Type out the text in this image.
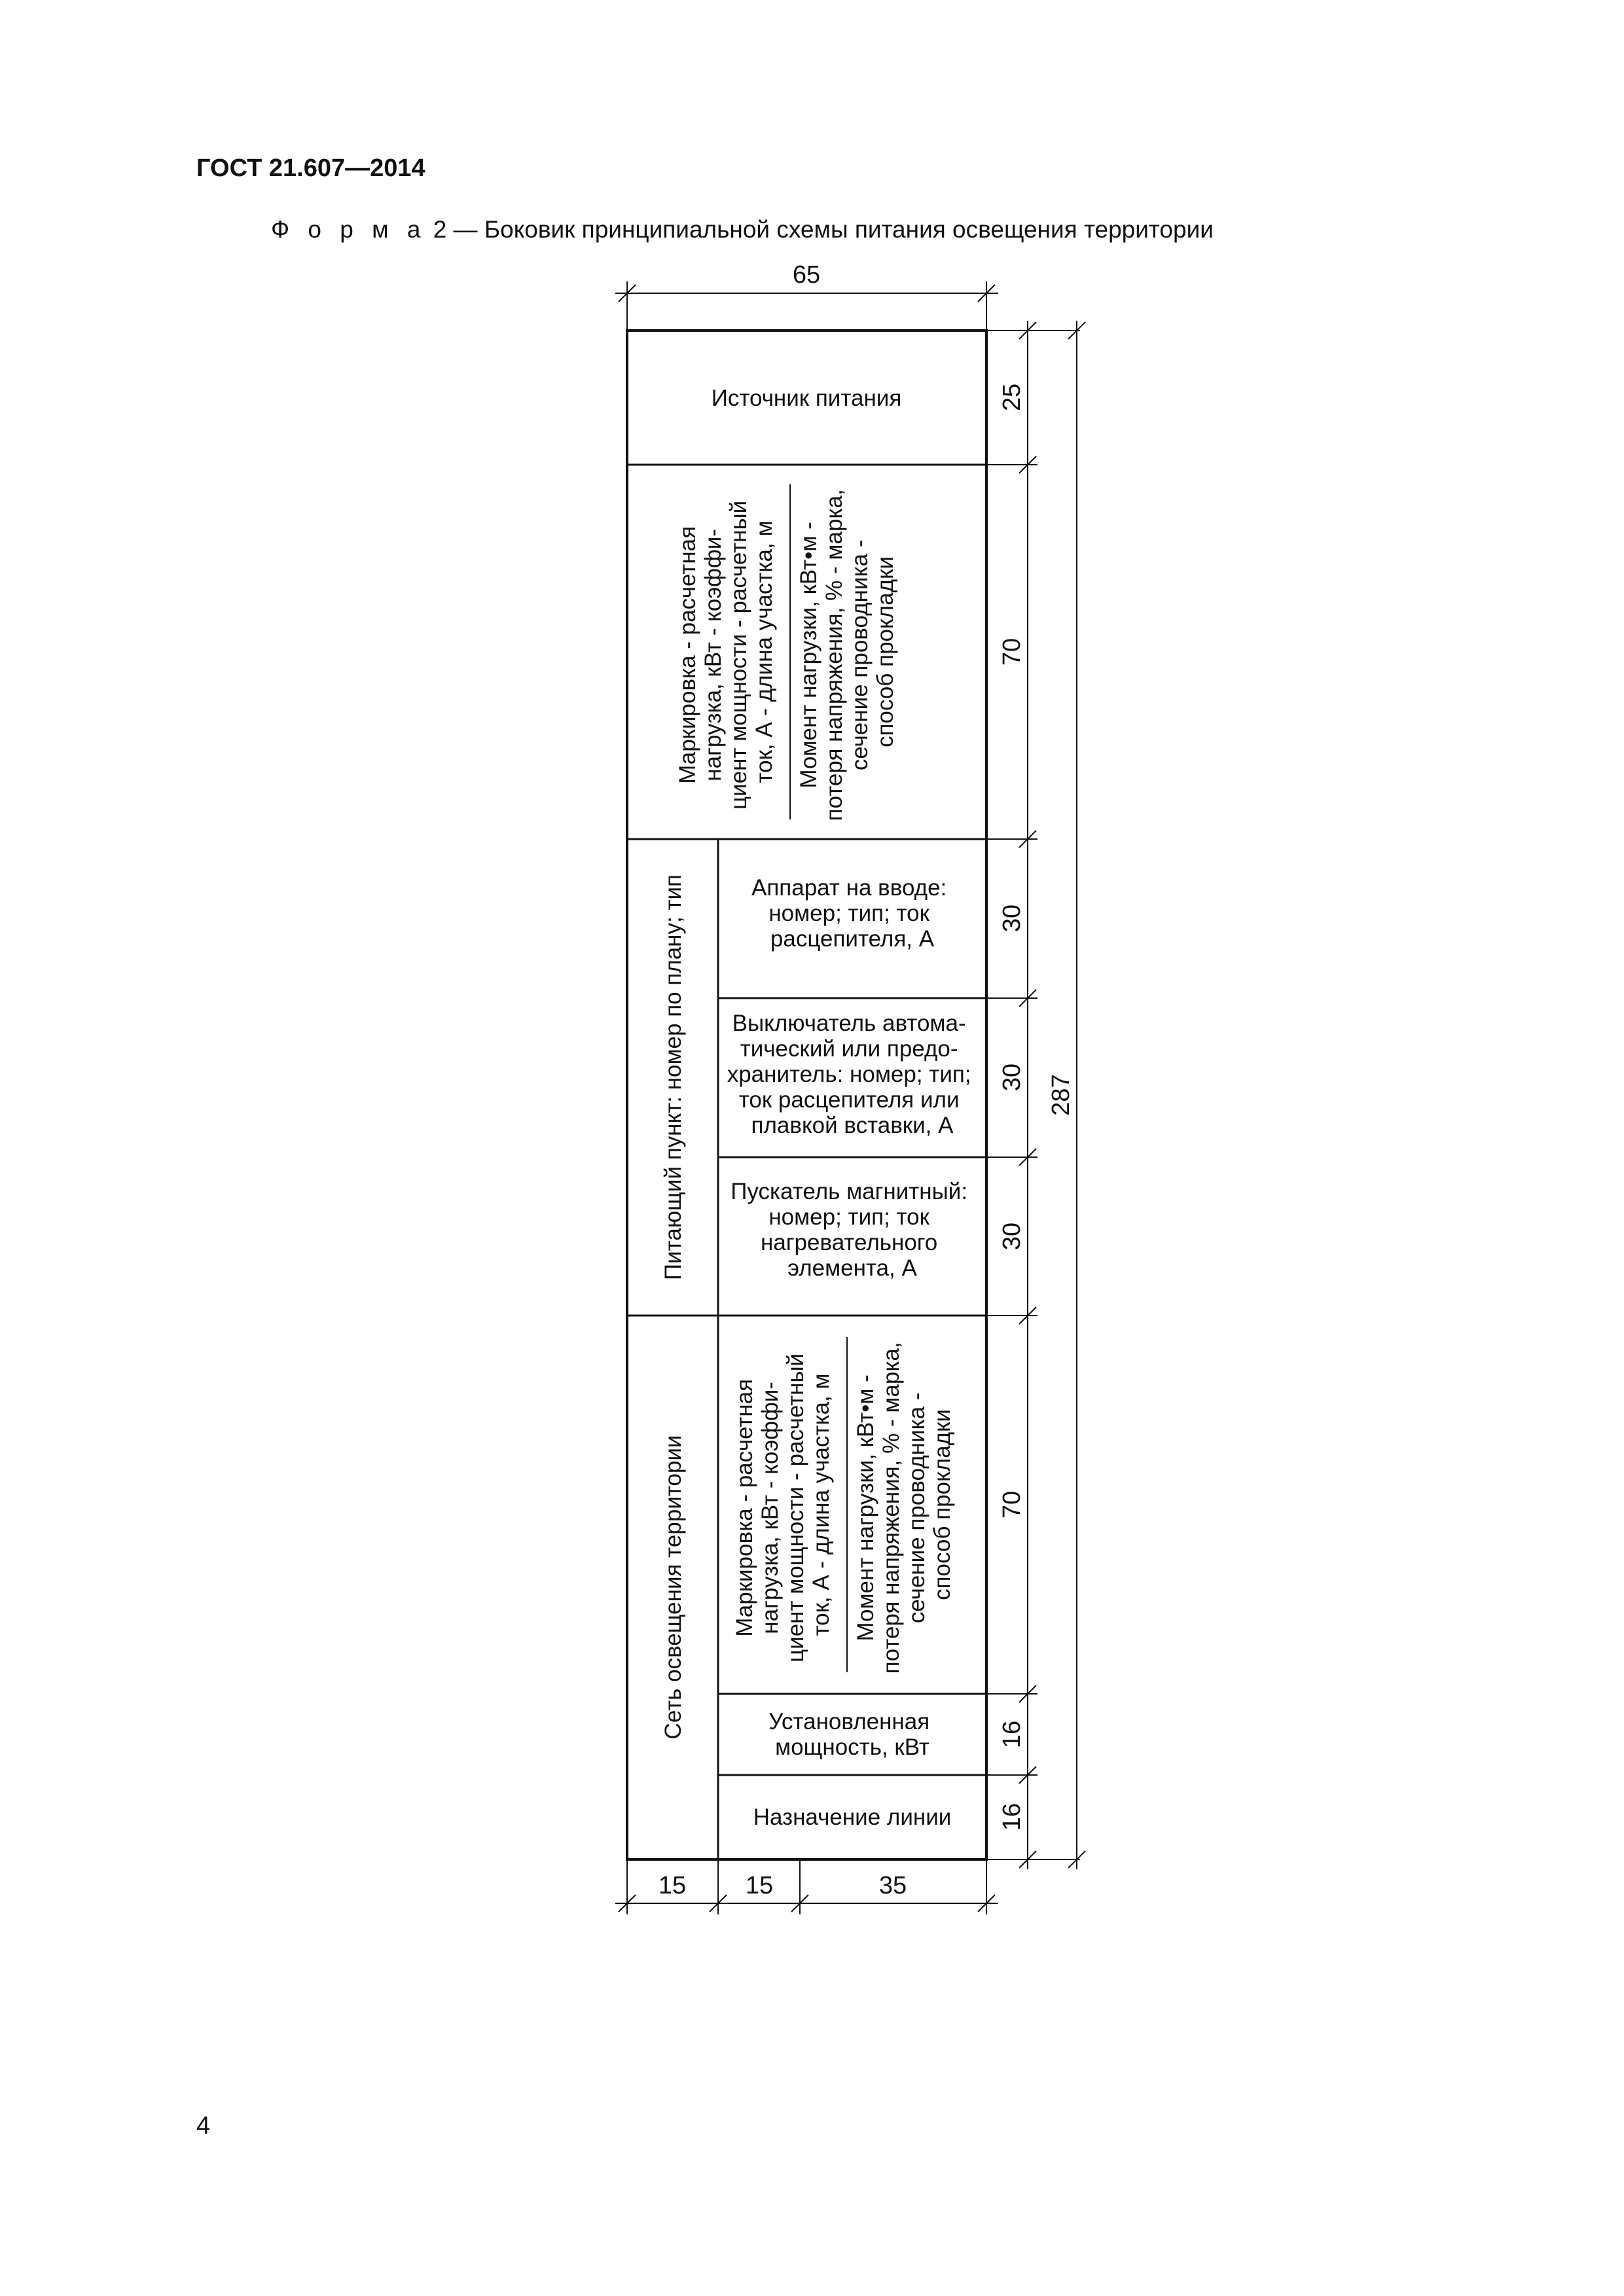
ГОСТ 21.607—2014
Ф о р м а 2 — Боковик принципиальной схемы питания освещения территории
Источник питания
Маркировка - расчетная нагрузка, кВт - коэффи- циент мощности - расчетный ток, А - длина участка, м Момент нагрузки, кВт•м - потеря напряжения, % - марка, сечение проводника - способ прокладки
Питающий пункт: номер по плану; тип	Аппарат на вводе: номер; тип; ток расцепителя, А
Выключатель автома- тический или предо- хранитель: номер; тип; ток расцепителя или плавкой вставки, А
Пускатель магнитный: номер; тип; ток нагревательного элемента, А
Сеть освещения территории Маркировка - расчетная нагрузка, кВт - коэффи- циент мощности - расчетный ток, А - длина участка, м Момент нагрузки, кВт•м - потеря напряжения, % - марка, сечение проводника - способ прокладки
Установленная мощность, кВт
Назначение линии
65
25
70
30
30
30
70
16
16
287
15 15	35
4
